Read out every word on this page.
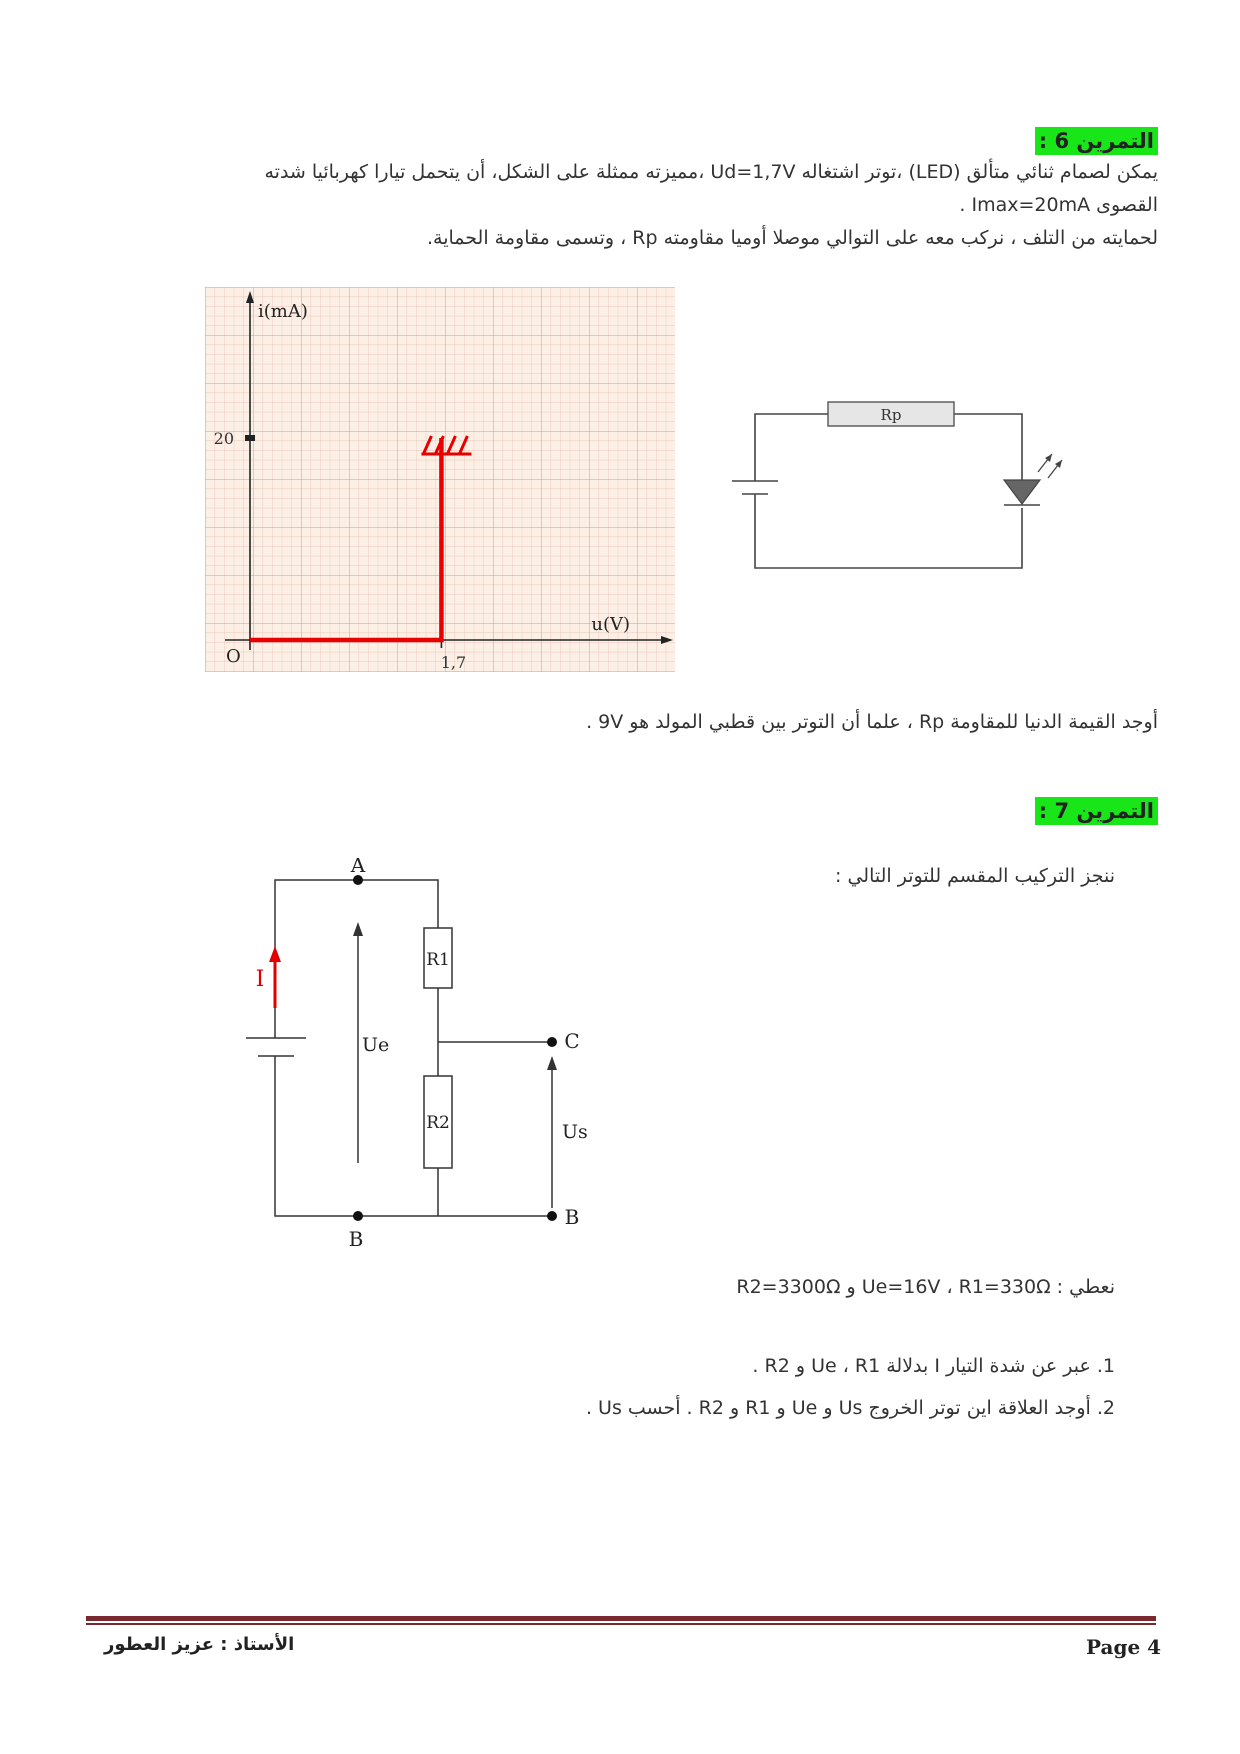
التمرين 6 :
يمكن لصمام ثنائي متألق (LED) ،توتر اشتغاله Ud=1,7V ،مميزته ممثلة على الشكل، أن يتحمل تيارا كهربائيا شدته
القصوى Imax=20mA .
لحمايته من التلف ، نركب معه على التوالي موصلا أوميا مقاومته Rp ، وتسمى مقاومة الحماية.
20
1,7
i(mA)
u(V)
O
Rp
أوجد القيمة الدنيا للمقاومة Rp ، علما أن التوتر بين قطبي المولد هو 9V .
التمرين 7 :
ننجز التركيب المقسم للتوتر التالي :
I
R1
R2
Ue
Us
A
B
C
B
نعطي : Ue=16V ، R1=330Ω و R2=3300Ω
1. عبر عن شدة التيار I بدلالة Ue ، R1 و R2 .
2. أوجد العلاقة اين توتر الخروج Us و Ue و R1 و R2 . أحسب Us .
Page 4
الأستاذ : عزيز العطور
